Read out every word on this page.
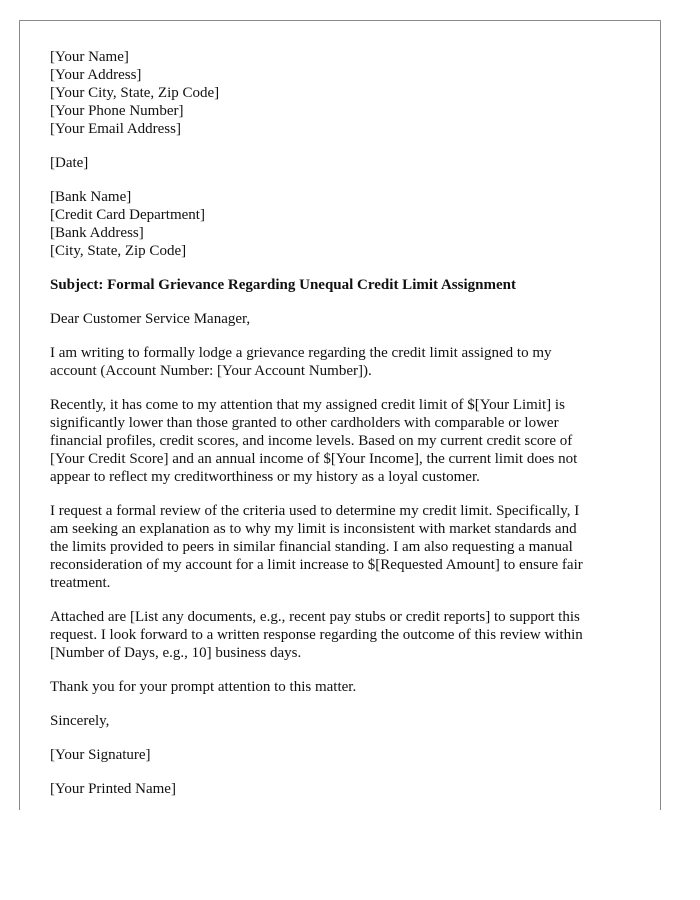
[Your Name]
[Your Address]
[Your City, State, Zip Code]
[Your Phone Number]
[Your Email Address]
[Date]
[Bank Name]
[Credit Card Department]
[Bank Address]
[City, State, Zip Code]

Subject: Formal Grievance Regarding Unequal Credit Limit Assignment

Dear Customer Service Manager,

I am writing to formally lodge a grievance regarding the credit limit assigned to my
account (Account Number: [Your Account Number]).

Recently, it has come to my attention that my assigned credit limit of $[Your Limit] is
significantly lower than those granted to other cardholders with comparable or lower
financial profiles, credit scores, and income levels. Based on my current credit score of
[Your Credit Score] and an annual income of $[Your Income], the current limit does not
appear to reflect my creditworthiness or my history as a loyal customer.

I request a formal review of the criteria used to determine my credit limit. Specifically, I
am seeking an explanation as to why my limit is inconsistent with market standards and
the limits provided to peers in similar financial standing. I am also requesting a manual
reconsideration of my account for a limit increase to $[Requested Amount] to ensure fair
treatment.

Attached are [List any documents, e.g., recent pay stubs or credit reports] to support this
request. I look forward to a written response regarding the outcome of this review within
[Number of Days, e.g., 10] business days.

Thank you for your prompt attention to this matter.

Sincerely,

[Your Signature]

[Your Printed Name]
